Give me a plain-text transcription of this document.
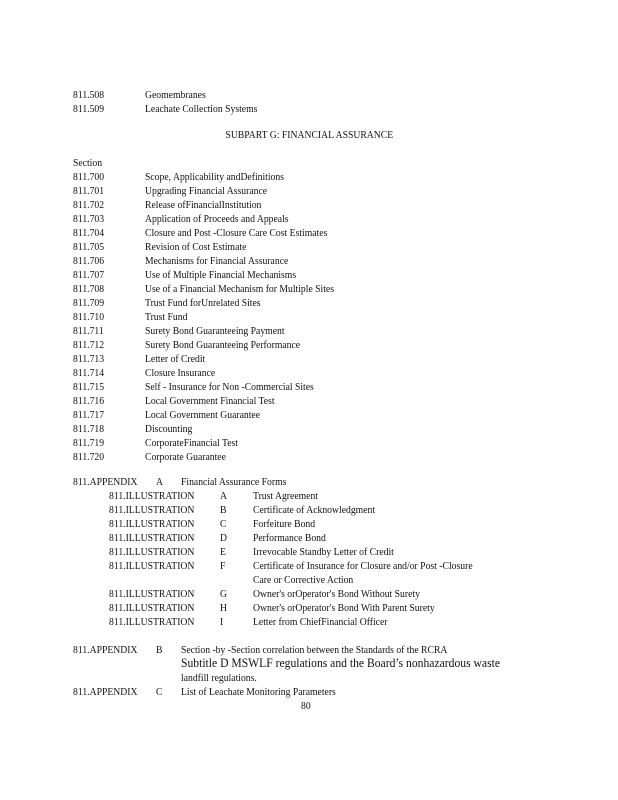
811.508	Geomembranes
811.509	Leachate Collection Systems
SUBPART G: FINANCIAL ASSURANCE
Section
811.700	Scope, Applicability andDefinitions
811.701	Upgrading Financial Assurance
811.702	Release ofFinancialInstitution
811.703	Application of Proceeds and Appeals
811.704	Closure and Post -Closure Care Cost Estimates
811.705	Revision of Cost Estimate
811.706	Mechanisms for Financial Assurance
811.707	Use of Multiple Financial Mechanisms
811.708	Use of a Financial Mechanism for Multiple Sites
811.709	Trust Fund forUnrelated Sites
811.710	Trust Fund
811.711	Surety Bond Guaranteeing Payment
811.712	Surety Bond Guaranteeing Performance
811.713	Letter of Credit
811.714	Closure Insurance
811.715	Self - Insurance for Non -Commercial Sites
811.716	Local Government Financial Test
811.717	Local Government Guarantee
811.718	Discounting
811.719	CorporateFinancial Test
811.720	Corporate Guarantee
811.APPENDIX A Financial Assurance Forms
811.ILLUSTRATION A Trust Agreement
811.ILLUSTRATION B Certificate of Acknowledgment
811.ILLUSTRATION C Forfeiture Bond
811.ILLUSTRATION D Performance Bond
811.ILLUSTRATION E Irrevocable Standby Letter of Credit
811.ILLUSTRATION F	Certificate of Insurance for Closure and/or Post -Closure
Care or Corrective Action
811.ILLUSTRATION G Owner's orOperator's Bond Without Surety
811.ILLUSTRATION H Owner's orOperator's Bond With Parent Surety
811.ILLUSTRATION I	Letter from ChiefFinancial Officer
811.APPENDIX B Section -by -Section correlation between the Standards of the RCRA
Subtitle D MSWLF regulations and the Board’s nonhazardous waste
landfill regulations.
811.APPENDIX C List of Leachate Monitoring Parameters
80
